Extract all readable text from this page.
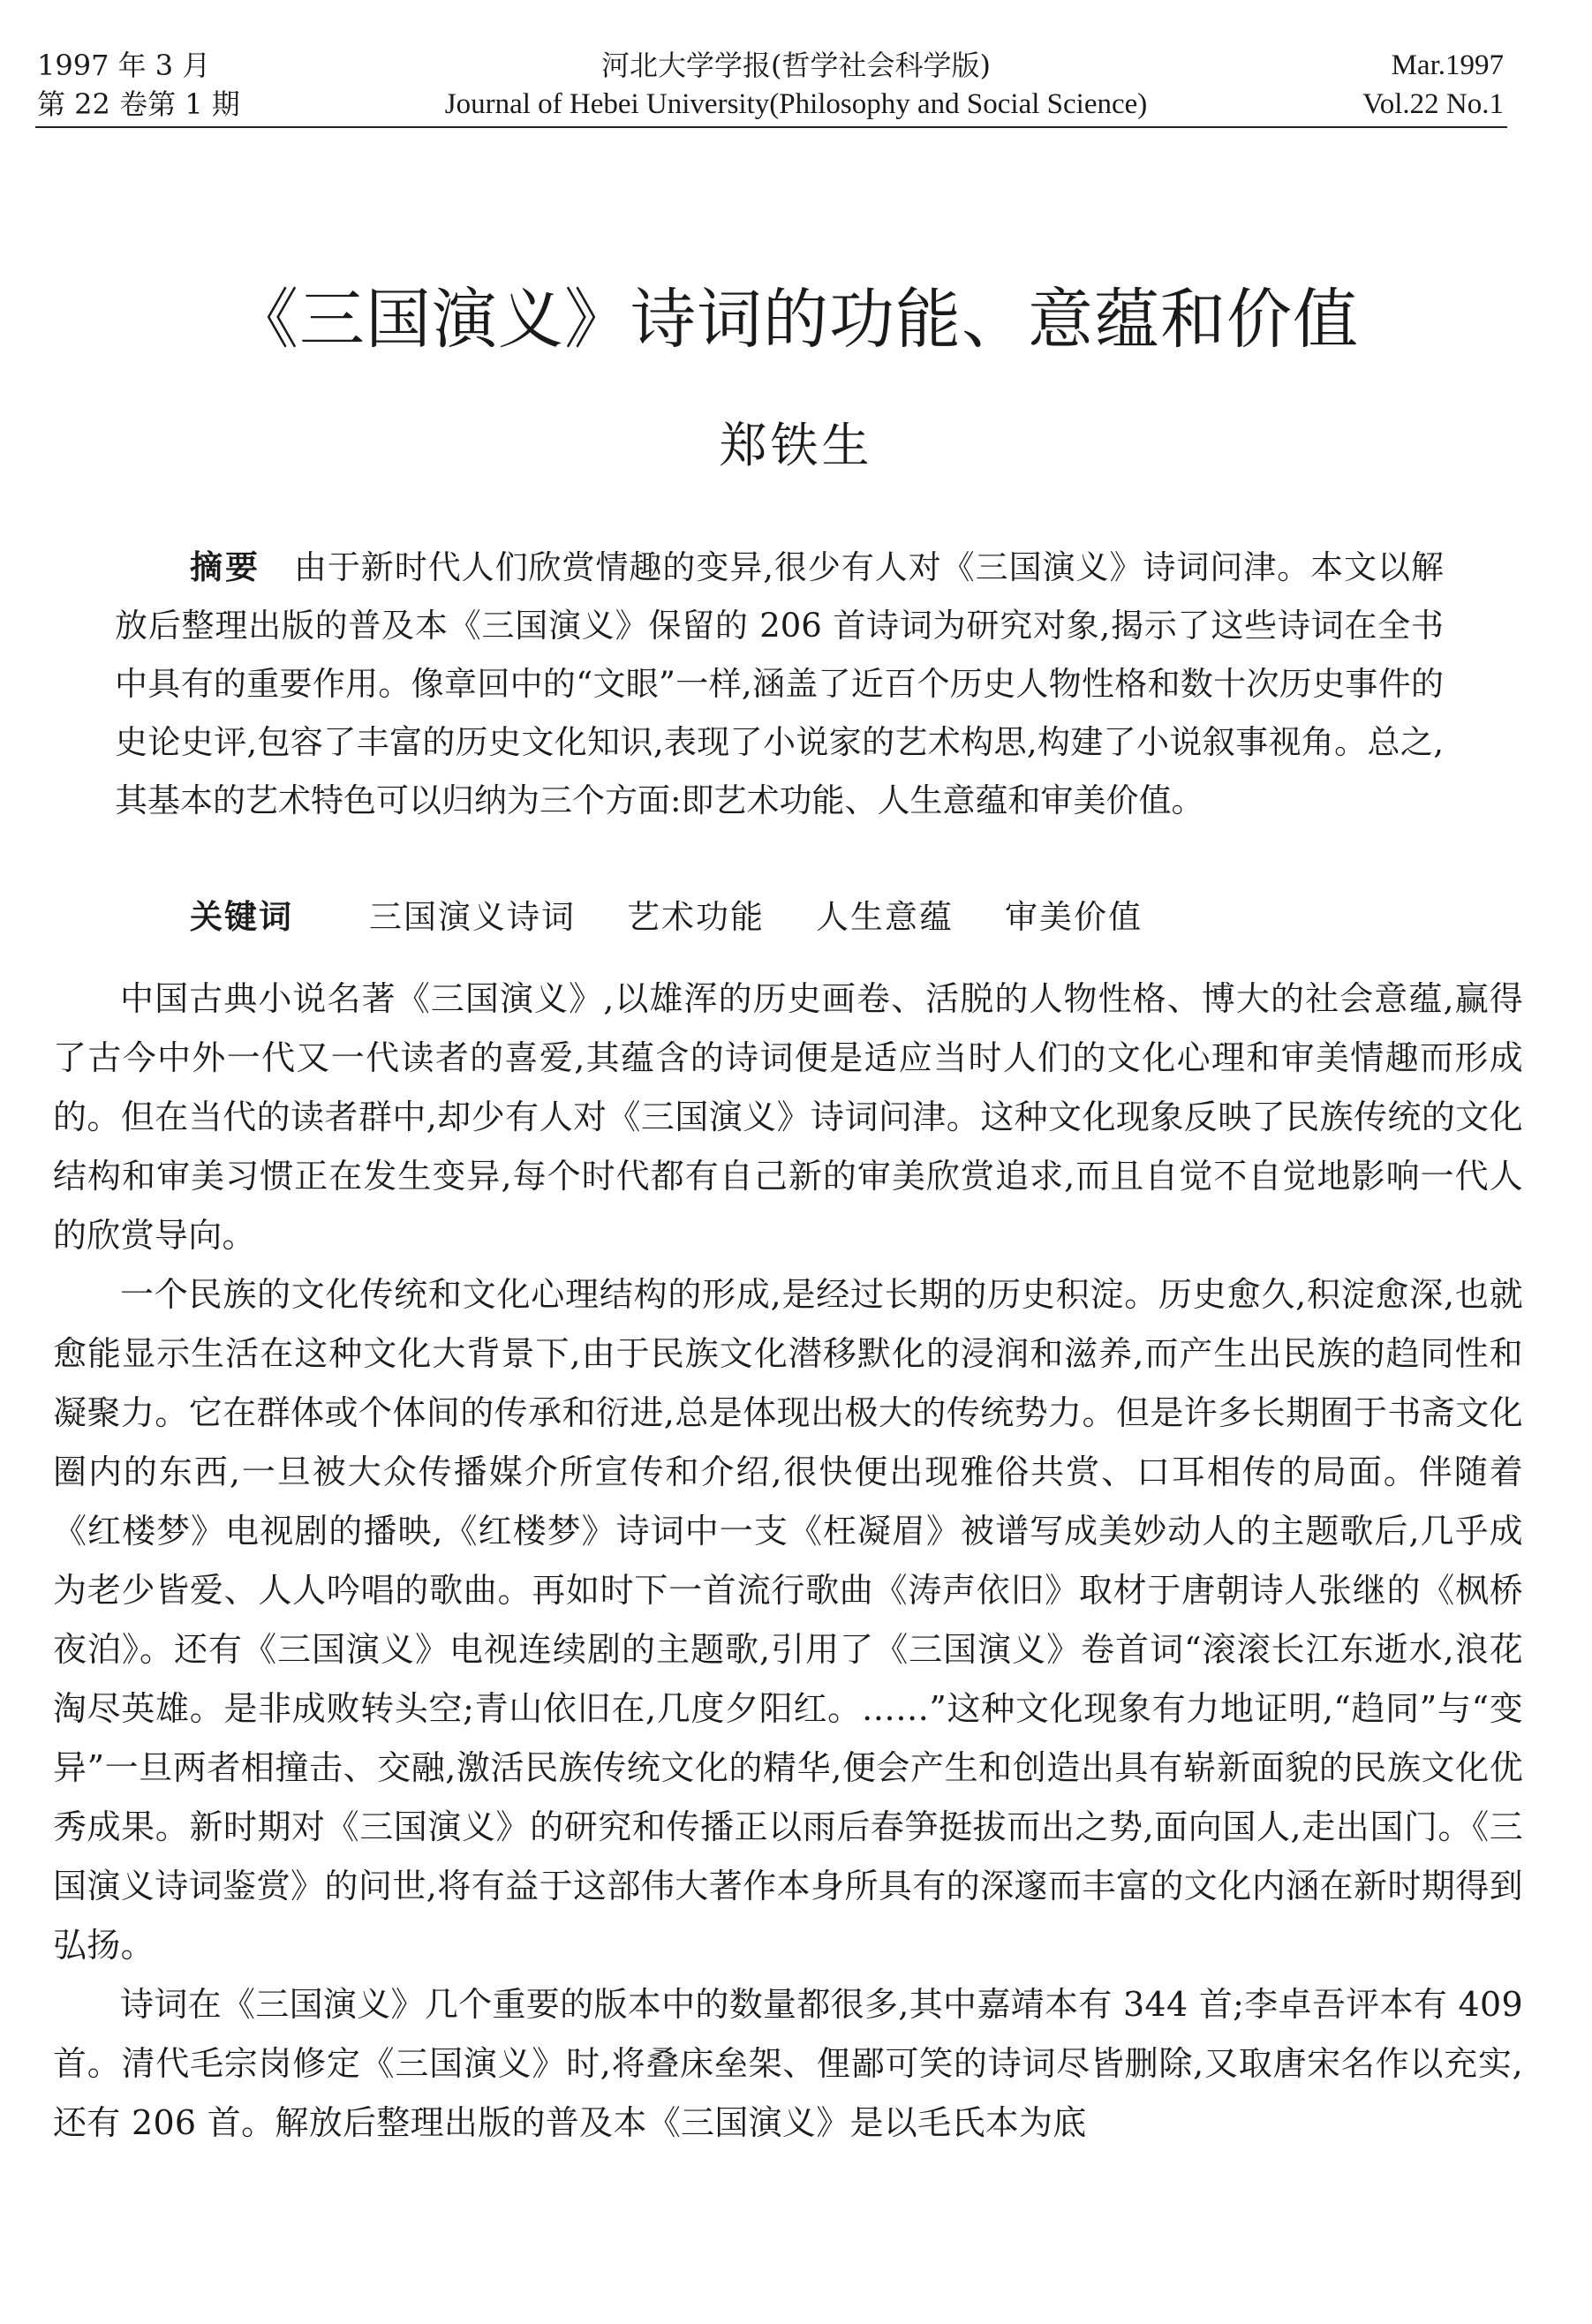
1997 年 3 月
第 22 卷第 1 期
河北大学学报(哲学社会科学版)
Journal of Hebei University(Philosophy and Social Science)
Mar.1997
Vol.22 No.1
《三国演义》诗词的功能、意蕴和价值
郑铁生
摘要 由于新时代人们欣赏情趣的变异,很少有人对《三国演义》诗词问津。本文以解放后整理出版的普及本《三国演义》保留的 206 首诗词为研究对象,揭示了这些诗词在全书中具有的重要作用。像章回中的“文眼”一样,涵盖了近百个历史人物性格和数十次历史事件的史论史评,包容了丰富的历史文化知识,表现了小说家的艺术构思,构建了小说叙事视角。总之,其基本的艺术特色可以归纳为三个方面:即艺术功能、人生意蕴和审美价值。
关键词 三国演义诗词 艺术功能 人生意蕴 审美价值

中国古典小说名著《三国演义》,以雄浑的历史画卷、活脱的人物性格、博大的社会意蕴,赢得了古今中外一代又一代读者的喜爱,其蕴含的诗词便是适应当时人们的文化心理和审美情趣而形成的。但在当代的读者群中,却少有人对《三国演义》诗词问津。这种文化现象反映了民族传统的文化结构和审美习惯正在发生变异,每个时代都有自己新的审美欣赏追求,而且自觉不自觉地影响一代人的欣赏导向。

一个民族的文化传统和文化心理结构的形成,是经过长期的历史积淀。历史愈久,积淀愈深,也就愈能显示生活在这种文化大背景下,由于民族文化潜移默化的浸润和滋养,而产生出民族的趋同性和凝聚力。它在群体或个体间的传承和衍进,总是体现出极大的传统势力。但是许多长期囿于书斋文化圈内的东西,一旦被大众传播媒介所宣传和介绍,很快便出现雅俗共赏、口耳相传的局面。伴随着《红楼梦》电视剧的播映,《红楼梦》诗词中一支《枉凝眉》被谱写成美妙动人的主题歌后,几乎成为老少皆爱、人人吟唱的歌曲。再如时下一首流行歌曲《涛声依旧》取材于唐朝诗人张继的《枫桥夜泊》。还有《三国演义》电视连续剧的主题歌,引用了《三国演义》卷首词“滚滚长江东逝水,浪花淘尽英雄。是非成败转头空;青山依旧在,几度夕阳红。……”这种文化现象有力地证明,“趋同”与“变异”一旦两者相撞击、交融,激活民族传统文化的精华,便会产生和创造出具有崭新面貌的民族文化优秀成果。新时期对《三国演义》的研究和传播正以雨后春笋挺拔而出之势,面向国人,走出国门。《三国演义诗词鉴赏》的问世,将有益于这部伟大著作本身所具有的深邃而丰富的文化内涵在新时期得到弘扬。

诗词在《三国演义》几个重要的版本中的数量都很多,其中嘉靖本有 344 首;李卓吾评本有 409 首。清代毛宗岗修定《三国演义》时,将叠床垒架、俚鄙可笑的诗词尽皆删除,又取唐宋名作以充实,还有 206 首。解放后整理出版的普及本《三国演义》是以毛氏本为底
